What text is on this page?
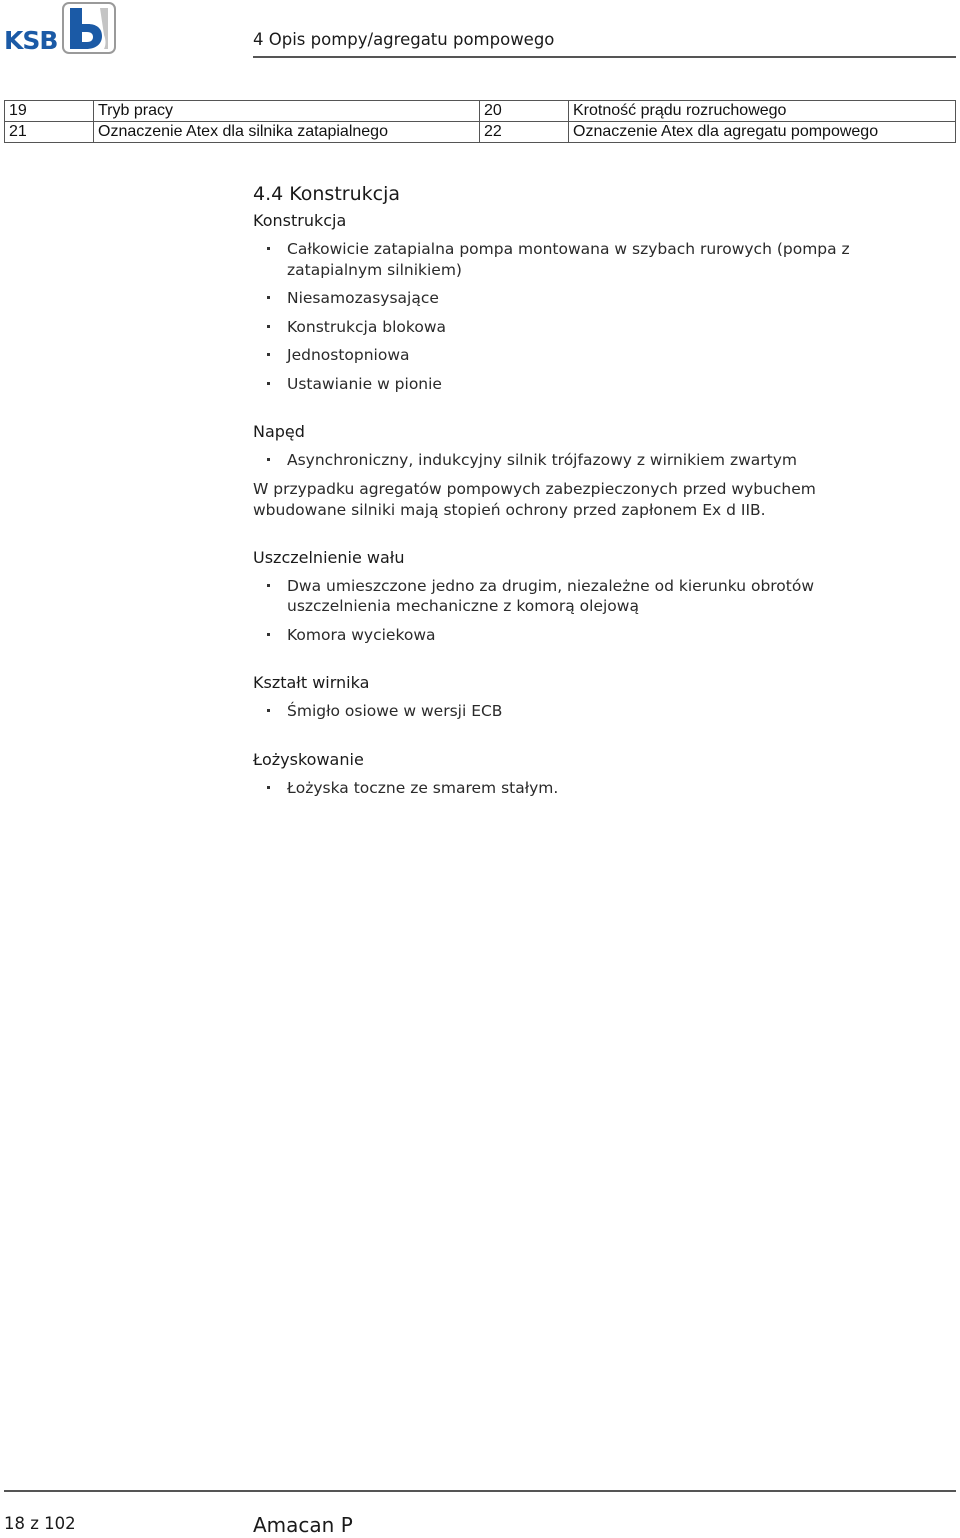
KSB	4 Opis pompy/agregatu pompowego
19	Tryb pracy	20	Krotność prądu rozruchowego
21	Oznaczenie Atex dla silnika zatapialnego	22	Oznaczenie Atex dla agregatu pompowego
4.4 Konstrukcja
Konstrukcja
Całkowicie zatapialna pompa montowana w szybach rurowych (pompa z zatapialnym silnikiem)
Niesamozasysające
Konstrukcja blokowa
Jednostopniowa
Ustawianie w pionie
Napęd
Asynchroniczny, indukcyjny silnik trójfazowy z wirnikiem zwartym

W przypadku agregatów pompowych zabezpieczonych przed wybuchem wbudowane silniki mają stopień ochrony przed zapłonem Ex d IIB.

Uszczelnienie wału
Dwa umieszczone jedno za drugim, niezależne od kierunku obrotów uszczelnienia mechaniczne z komorą olejową
Komora wyciekowa
Kształt wirnika
Śmigło osiowe w wersji ECB
Łożyskowanie
Łożyska toczne ze smarem stałym.
18 z 102	Amacan P
